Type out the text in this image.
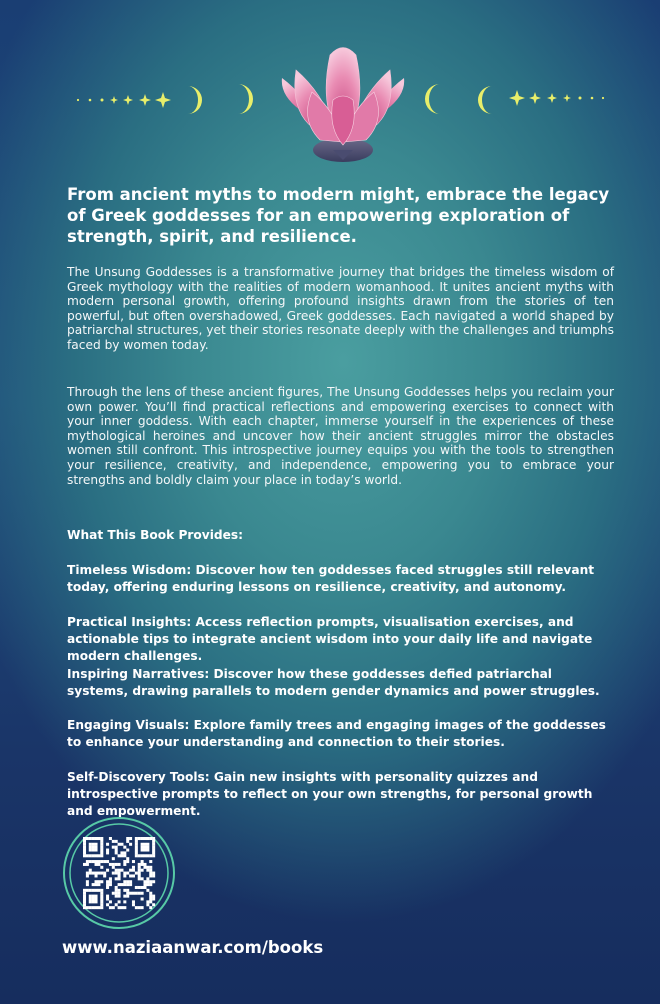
From ancient myths to modern might, embrace the legacy of Greek goddesses for an empowering exploration of strength, spirit, and resilience.

The Unsung Goddesses is a transformative journey that bridges the timeless wisdom of Greek mythology with the realities of modern womanhood. It unites ancient myths with modern personal growth, offering profound insights drawn from the stories of ten powerful, but often overshadowed, Greek goddesses. Each navigated a world shaped by patriarchal structures, yet their stories resonate deeply with the challenges and triumphs faced by women today.

Through the lens of these ancient figures, The Unsung Goddesses helps you reclaim your own power. You’ll find practical reflections and empowering exercises to connect with your inner goddess. With each chapter, immerse yourself in the experiences of these mythological heroines and uncover how their ancient struggles mirror the obstacles women still confront. This introspective journey equips you with the tools to strengthen your resilience, creativity, and independence, empowering you to embrace your strengths and boldly claim your place in today’s world.

What This Book Provides:

Timeless Wisdom: Discover how ten goddesses faced struggles still relevant today, offering enduring lessons on resilience, creativity, and autonomy.

Practical Insights: Access reflection prompts, visualisation exercises, and actionable tips to integrate ancient wisdom into your daily life and navigate modern challenges.

Inspiring Narratives: Discover how these goddesses defied patriarchal systems, drawing parallels to modern gender dynamics and power struggles.

Engaging Visuals: Explore family trees and engaging images of the goddesses to enhance your understanding and connection to their stories.

Self-Discovery Tools: Gain new insights with personality quizzes and introspective prompts to reflect on your own strengths, for personal growth and empowerment.

www.naziaanwar.com/books
